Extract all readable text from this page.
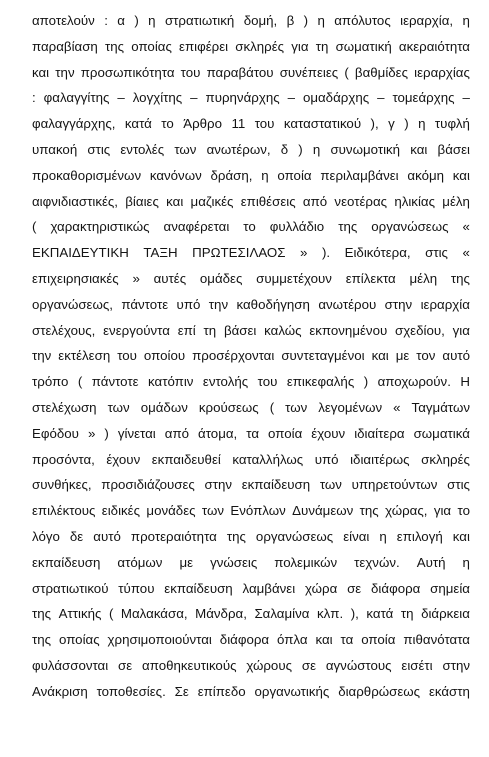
αποτελούν : α ) η στρατιωτική δομή, β ) η απόλυτος ιεραρχία, η
παραβίαση της οποίας επιφέρει σκληρές για τη σωματική ακεραιότητα
και την προσωπικότητα του παραβάτου συνέπειες ( βαθμίδες ιεραρχίας
: φαλαγγίτης – λογχίτης – πυρηνάρχης – ομαδάρχης – τομεάρχης –
φαλαγγάρχης, κατά το Άρθρο 11 του καταστατικού ), γ ) η τυφλή
υπακοή στις εντολές των ανωτέρων, δ ) η συνωμοτική και βάσει
προκαθορισμένων κανόνων δράση, η οποία περιλαμβάνει ακόμη και
αιφνιδιαστικές, βίαιες και μαζικές επιθέσεις από νεοτέρας ηλικίας μέλη
( χαρακτηριστικώς αναφέρεται το φυλλάδιο της οργανώσεως «
ΕΚΠΑΙΔΕΥΤΙΚΗ ΤΑΞΗ ΠΡΩΤΕΣΙΛΑΟΣ » ). Ειδικότερα, στις «
επιχειρησιακές » αυτές ομάδες συμμετέχουν επίλεκτα μέλη της
οργανώσεως, πάντοτε υπό την καθοδήγηση ανωτέρου στην ιεραρχία
στελέχους, ενεργούντα επί τη βάσει καλώς εκπονημένου σχεδίου, για
την εκτέλεση του οποίου προσέρχονται συντεταγμένοι και με τον αυτό
τρόπο ( πάντοτε κατόπιν εντολής του επικεφαλής ) αποχωρούν. Η
στελέχωση των ομάδων κρούσεως ( των λεγομένων « Ταγμάτων
Εφόδου » ) γίνεται από άτομα, τα οποία έχουν ιδιαίτερα σωματικά
προσόντα, έχουν εκπαιδευθεί καταλλήλως υπό ιδιαιτέρως σκληρές
συνθήκες, προσιδιάζουσες στην εκπαίδευση των υπηρετούντων στις
επιλέκτους ειδικές μονάδες των Ενόπλων Δυνάμεων της χώρας, για το
λόγο δε αυτό προτεραιότητα της οργανώσεως είναι η επιλογή και
εκπαίδευση ατόμων με γνώσεις πολεμικών τεχνών. Αυτή η
στρατιωτικού τύπου εκπαίδευση λαμβάνει χώρα σε διάφορα σημεία
της Αττικής ( Μαλακάσα, Μάνδρα, Σαλαμίνα κλπ. ), κατά τη διάρκεια
της οποίας χρησιμοποιούνται διάφορα όπλα και τα οποία πιθανότατα
φυλάσσονται σε αποθηκευτικούς χώρους σε αγνώστους εισέτι στην
Ανάκριση τοποθεσίες. Σε επίπεδο οργανωτικής διαρθρώσεως εκάστη
